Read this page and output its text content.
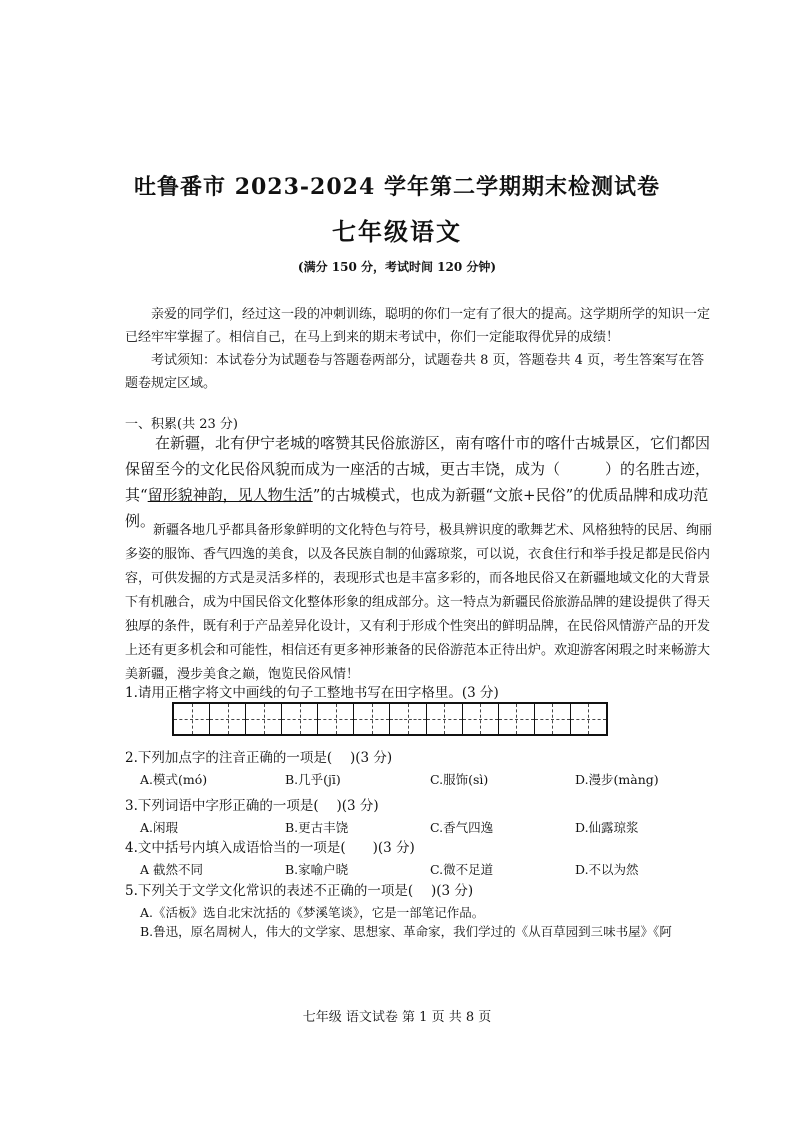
吐鲁番市 2023-2024 学年第二学期期末检测试卷
七年级语文
(满分 150 分，考试时间 120 分钟)
亲爱的同学们，经过这一段的冲刺训练，聪明的你们一定有了很大的提高。这学期所学的知识一定已经牢牢掌握了。相信自己，在马上到来的期末考试中，你们一定能取得优异的成绩！
考试须知：本试卷分为试题卷与答题卷两部分，试题卷共 8 页，答题卷共 4 页，考生答案写在答题卷规定区域。
一、积累(共 23 分)
在新疆，北有伊宁老城的喀赞其民俗旅游区，南有喀什市的喀什古城景区，它们都因保留至今的文化民俗风貌而成为一座活的古城，更古丰饶，成为（　　　）的名胜古迹，其“留形貌神韵，见人物生活”的古城模式，也成为新疆“文旅+民俗”的优质品牌和成功范例。
新疆各地几乎都具备形象鲜明的文化特色与符号，极具辨识度的歌舞艺术、风格独特的民居、绚丽多姿的服饰、香气四逸的美食，以及各民族自制的仙露琼浆，可以说，衣食住行和举手投足都是民俗内容，可供发掘的方式是灵活多样的，表现形式也是丰富多彩的，而各地民俗又在新疆地域文化的大背景下有机融合，成为中国民俗文化整体形象的组成部分。这一特点为新疆民俗旅游品牌的建设提供了得天独厚的条件，既有利于产品差异化设计，又有利于形成个性突出的鲜明品牌，在民俗风情游产品的开发上还有更多机会和可能性，相信还有更多神形兼备的民俗游范本正待出炉。欢迎游客闲瑕之时来畅游大美新疆，漫步美食之巅，饱览民俗风情！
1.请用正楷字将文中画线的句子工整地书写在田字格里。(3 分)
2.下列加点字的注音正确的一项是(　 )(3 分)
A.模式(mó)	B.几乎(jī)	C.服饰(sì)	D.漫步(màng)
3.下列词语中字形正确的一项是(　 )(3 分)
A.闲瑕	B.更古丰饶	C.香气四逸	D.仙露琼浆
4.文中括号内填入成语恰当的一项是(　　)(3 分)
A 截然不同	B.家喻户晓	C.微不足道	D.不以为然
5.下列关于文学文化常识的表述不正确的一项是(　 )(3 分)
A.《活板》选自北宋沈括的《梦溪笔谈》，它是一部笔记作品。
B.鲁迅，原名周树人，伟大的文学家、思想家、革命家，我们学过的《从百草园到三味书屋》《阿
七年级 语文试卷 第 1 页 共 8 页
